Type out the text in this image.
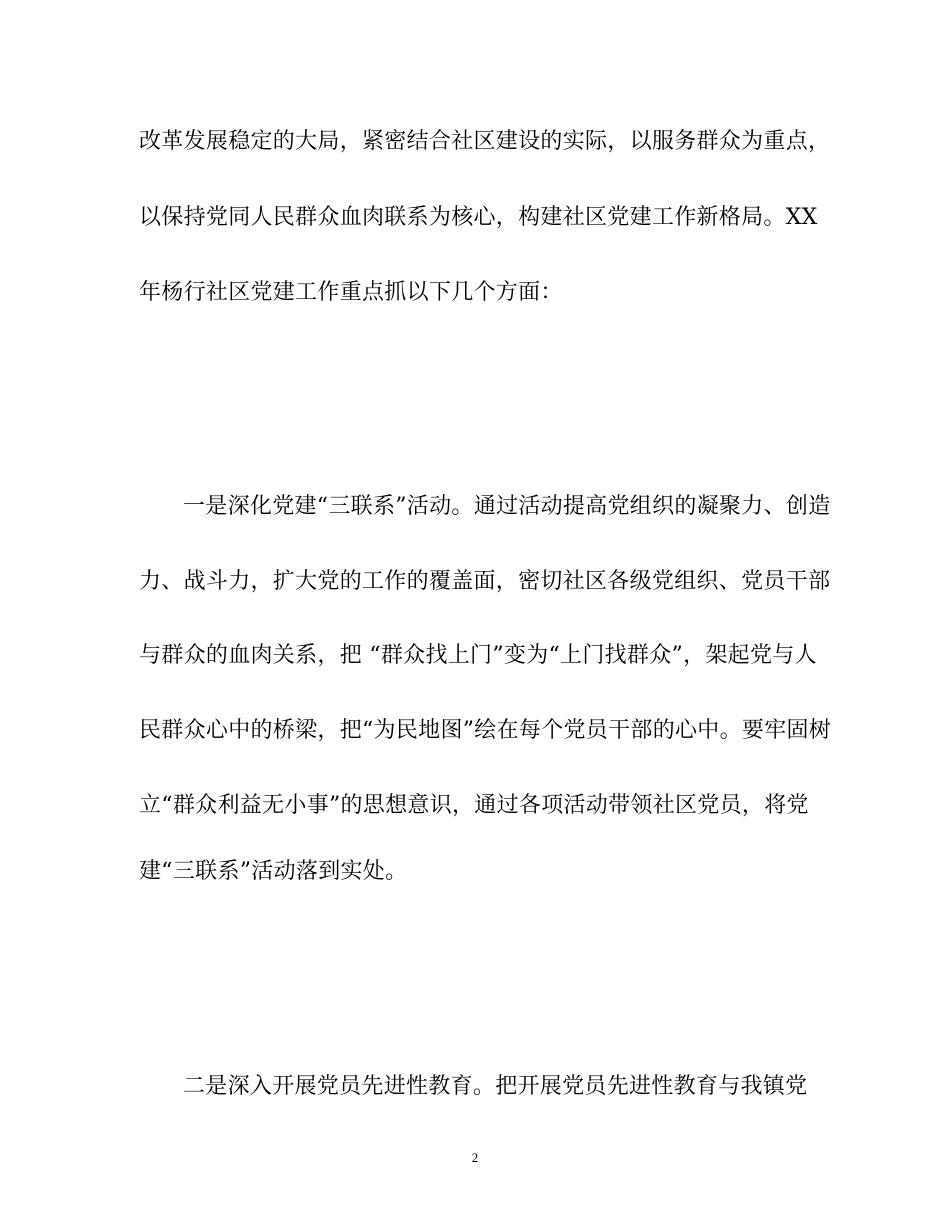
改革发展稳定的大局，紧密结合社区建设的实际，以服务群众为重点，
以保持党同人民群众血肉联系为核心，构建社区党建工作新格局。XX
年杨行社区党建工作重点抓以下几个方面：
一是深化党建“三联系”活动。通过活动提高党组织的凝聚力、创造
力、战斗力，扩大党的工作的覆盖面，密切社区各级党组织、党员干部
与群众的血肉关系，把 “群众找上门”变为“上门找群众”，架起党与人
民群众心中的桥梁，把“为民地图”绘在每个党员干部的心中。要牢固树
立“群众利益无小事”的思想意识，通过各项活动带领社区党员，将党
建“三联系”活动落到实处。
二是深入开展党员先进性教育。把开展党员先进性教育与我镇党
2
